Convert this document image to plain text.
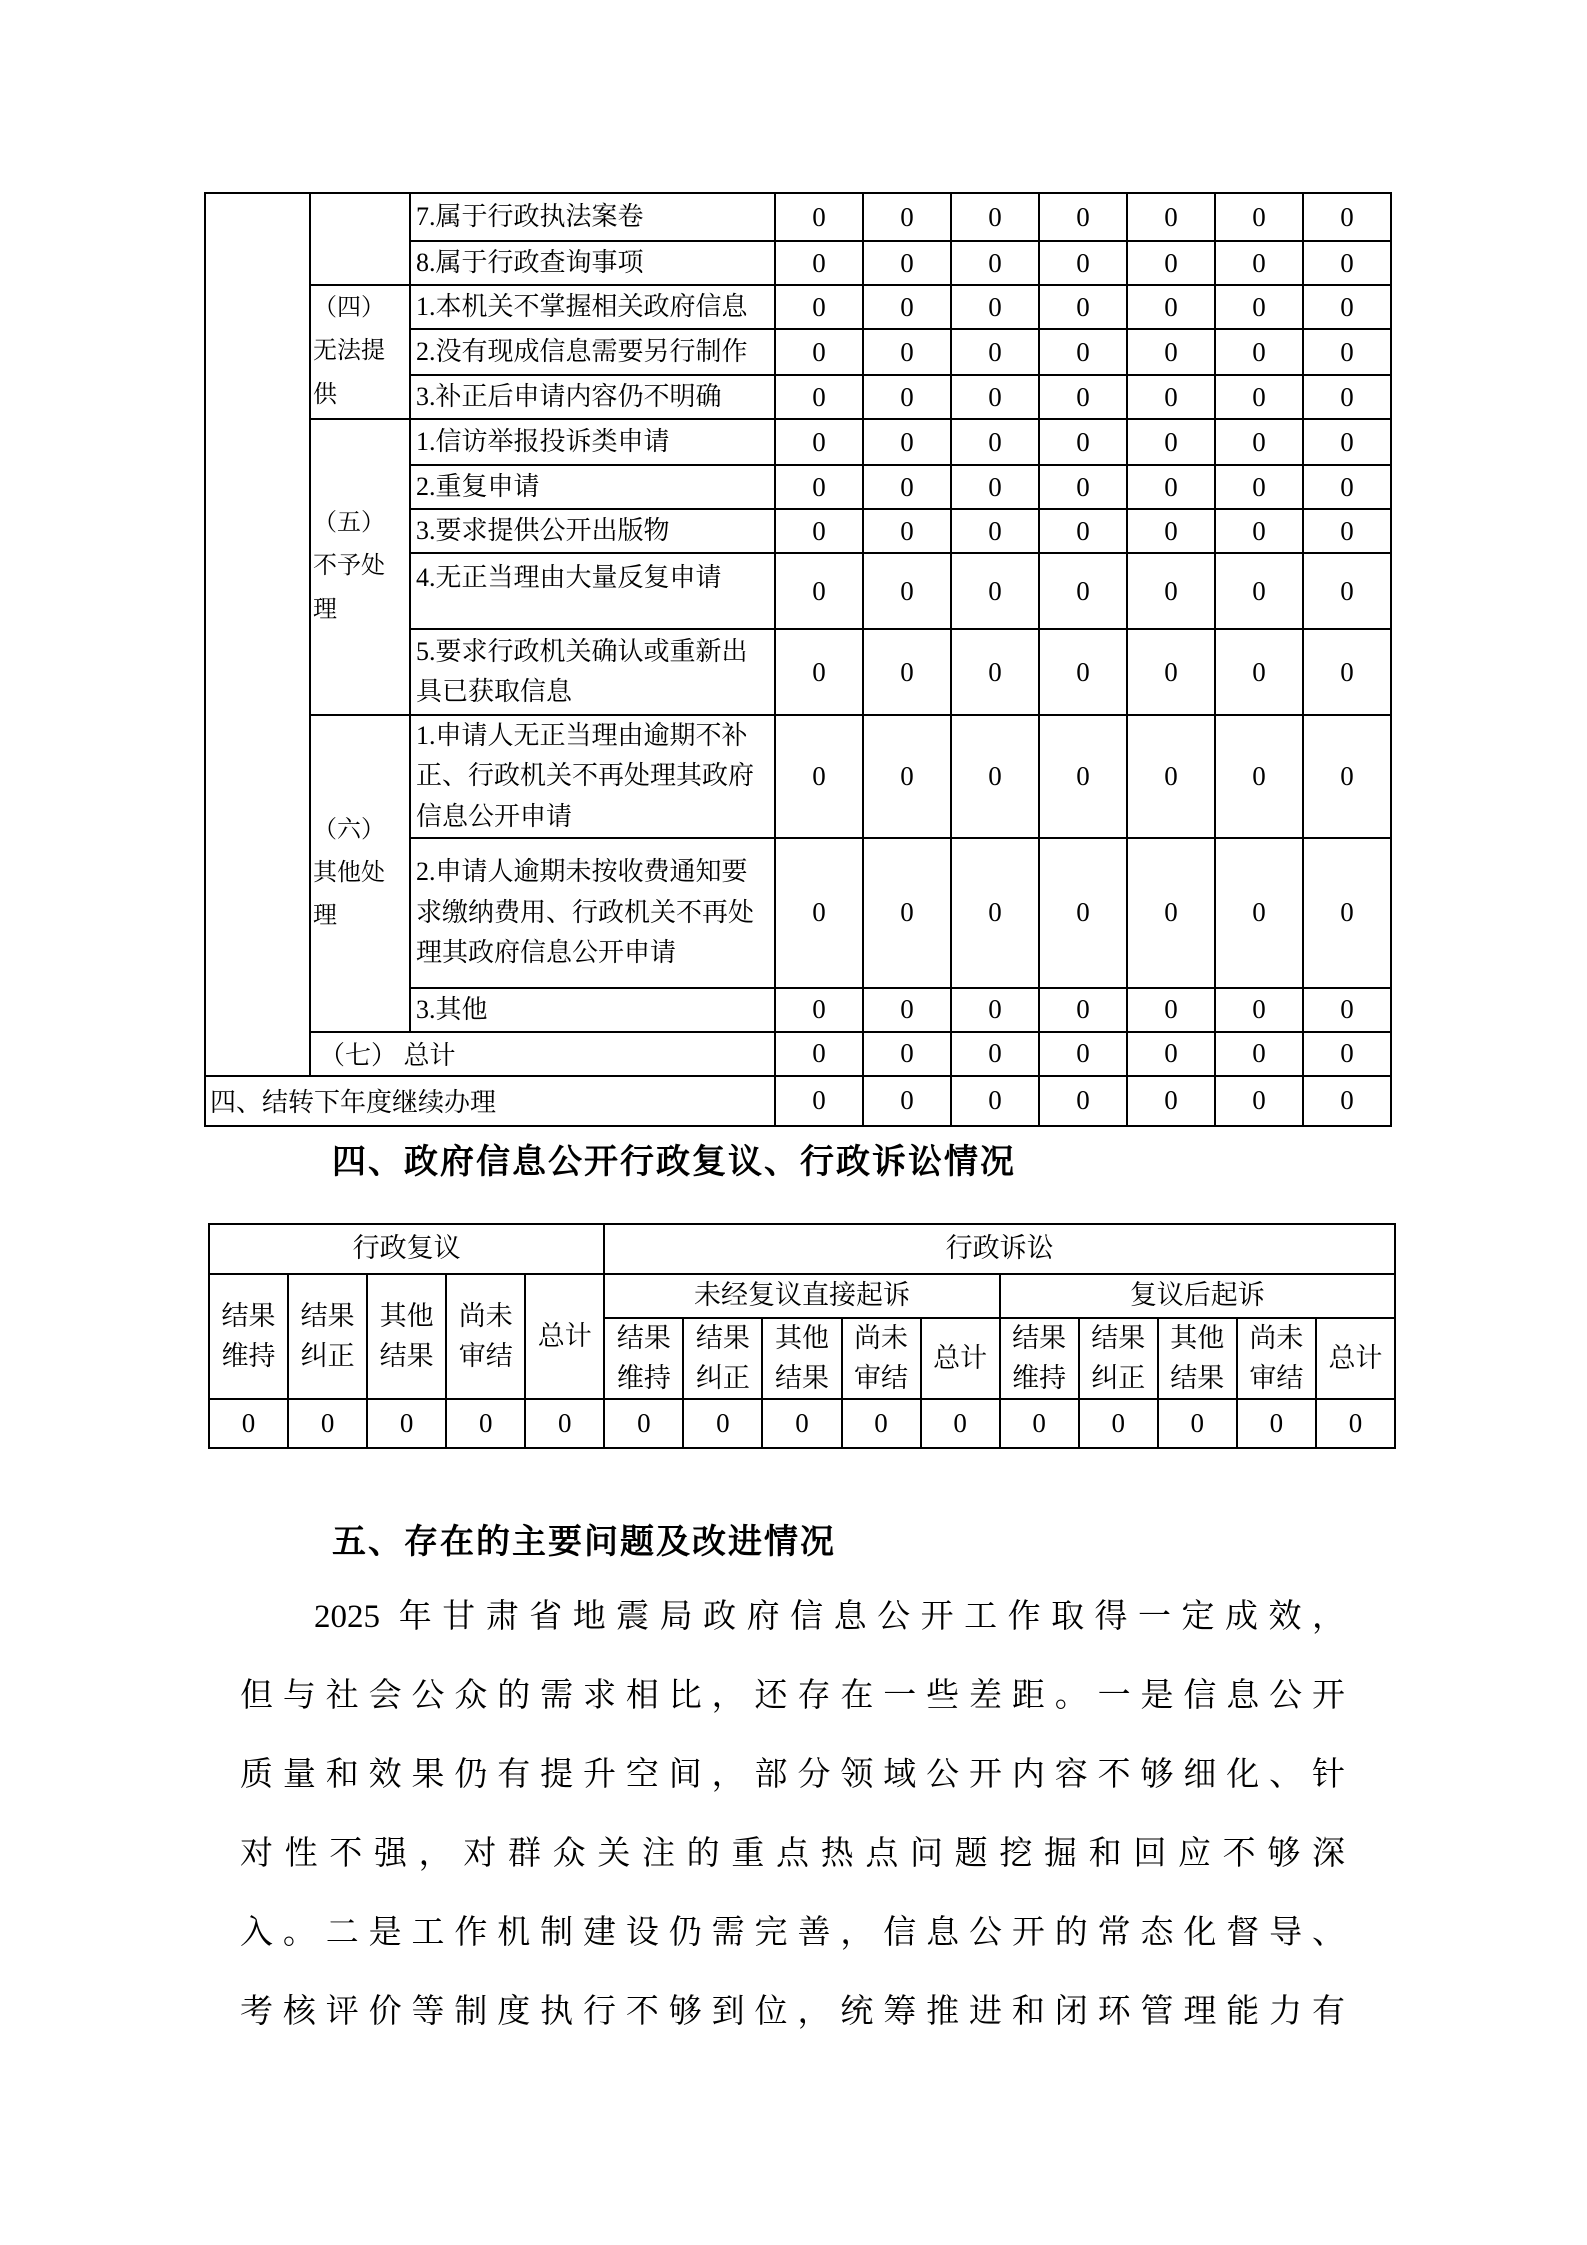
		7.属于行政执法案卷	0	0	0	0	0	0	0
		8.属于行政查询事项	0	0	0	0	0	0	0
	（四）无法提供	1.本机关不掌握相关政府信息	0	0	0	0	0	0	0
		2.没有现成信息需要另行制作	0	0	0	0	0	0	0
		3.补正后申请内容仍不明确	0	0	0	0	0	0	0
	（五）不予处理	1.信访举报投诉类申请	0	0	0	0	0	0	0
		2.重复申请	0	0	0	0	0	0	0
		3.要求提供公开出版物	0	0	0	0	0	0	0
		4.无正当理由大量反复申请	0	0	0	0	0	0	0
		5.要求行政机关确认或重新出具已获取信息	0	0	0	0	0	0	0
	（六）其他处理	1.申请人无正当理由逾期不补正、行政机关不再处理其政府信息公开申请	0	0	0	0	0	0	0
		2.申请人逾期未按收费通知要求缴纳费用、行政机关不再处理其政府信息公开申请	0	0	0	0	0	0	0
		3.其他	0	0	0	0	0	0	0
	（七） 总计		0	0	0	0	0	0	0
四、结转下年度继续办理			0	0	0	0	0	0	0
四、政府信息公开行政复议、行政诉讼情况
行政复议					行政诉讼									
结果维持	结果纠正	其他结果	尚未审结	总计	未经复议直接起诉					复议后起诉				
					结果维持	结果纠正	其他结果	尚未审结	总计	结果维持	结果纠正	其他结果	尚未审结	总计
0	0	0	0	0	0	0	0	0	0	0	0	0	0	0
五、存在的主要问题及改进情况
2025 年甘肃省地震局政府信息公开工作取得一定成效，
但与社会公众的需求相比，还存在一些差距。一是信息公开
质量和效果仍有提升空间，部分领域公开内容不够细化、针
对性不强，对群众关注的重点热点问题挖掘和回应不够深
入。二是工作机制建设仍需完善，信息公开的常态化督导、
考核评价等制度执行不够到位，统筹推进和闭环管理能力有
